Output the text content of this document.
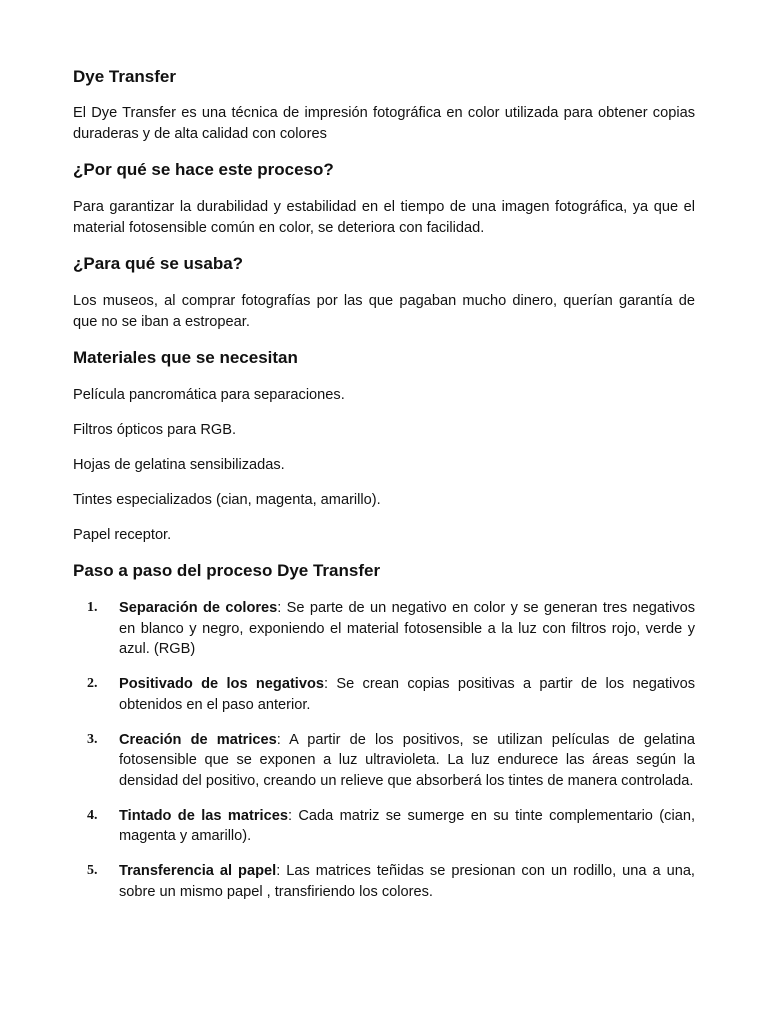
Dye Transfer

El Dye Transfer es una técnica de impresión fotográfica en color utilizada para obtener copias duraderas y de alta calidad con colores

¿Por qué se hace este proceso?

Para garantizar la durabilidad y estabilidad en el tiempo de una imagen fotográfica, ya que el material fotosensible común en color, se deteriora con facilidad.

¿Para qué se usaba?

Los museos, al comprar fotografías por las que pagaban mucho dinero, querían garantía de que no se iban a estropear.

Materiales que se necesitan

Película pancromática para separaciones.

Filtros ópticos para RGB.

Hojas de gelatina sensibilizadas.

Tintes especializados (cian, magenta, amarillo).

Papel receptor.

Paso a paso del proceso Dye Transfer
1. Separación de colores: Se parte de un negativo en color y se generan tres negativos en blanco y negro, exponiendo el material fotosensible a la luz con filtros rojo, verde y azul. (RGB)

2. Positivado de los negativos: Se crean copias positivas a partir de los negativos obtenidos en el paso anterior.

3. Creación de matrices: A partir de los positivos, se utilizan películas de gelatina fotosensible que se exponen a luz ultravioleta. La luz endurece las áreas según la densidad del positivo, creando un relieve que absorberá los tintes de manera controlada.

4. Tintado de las matrices: Cada matriz se sumerge en su tinte complementario (cian, magenta y amarillo).

5. Transferencia al papel: Las matrices teñidas se presionan con un rodillo, una a una, sobre un mismo papel , transfiriendo los colores.
